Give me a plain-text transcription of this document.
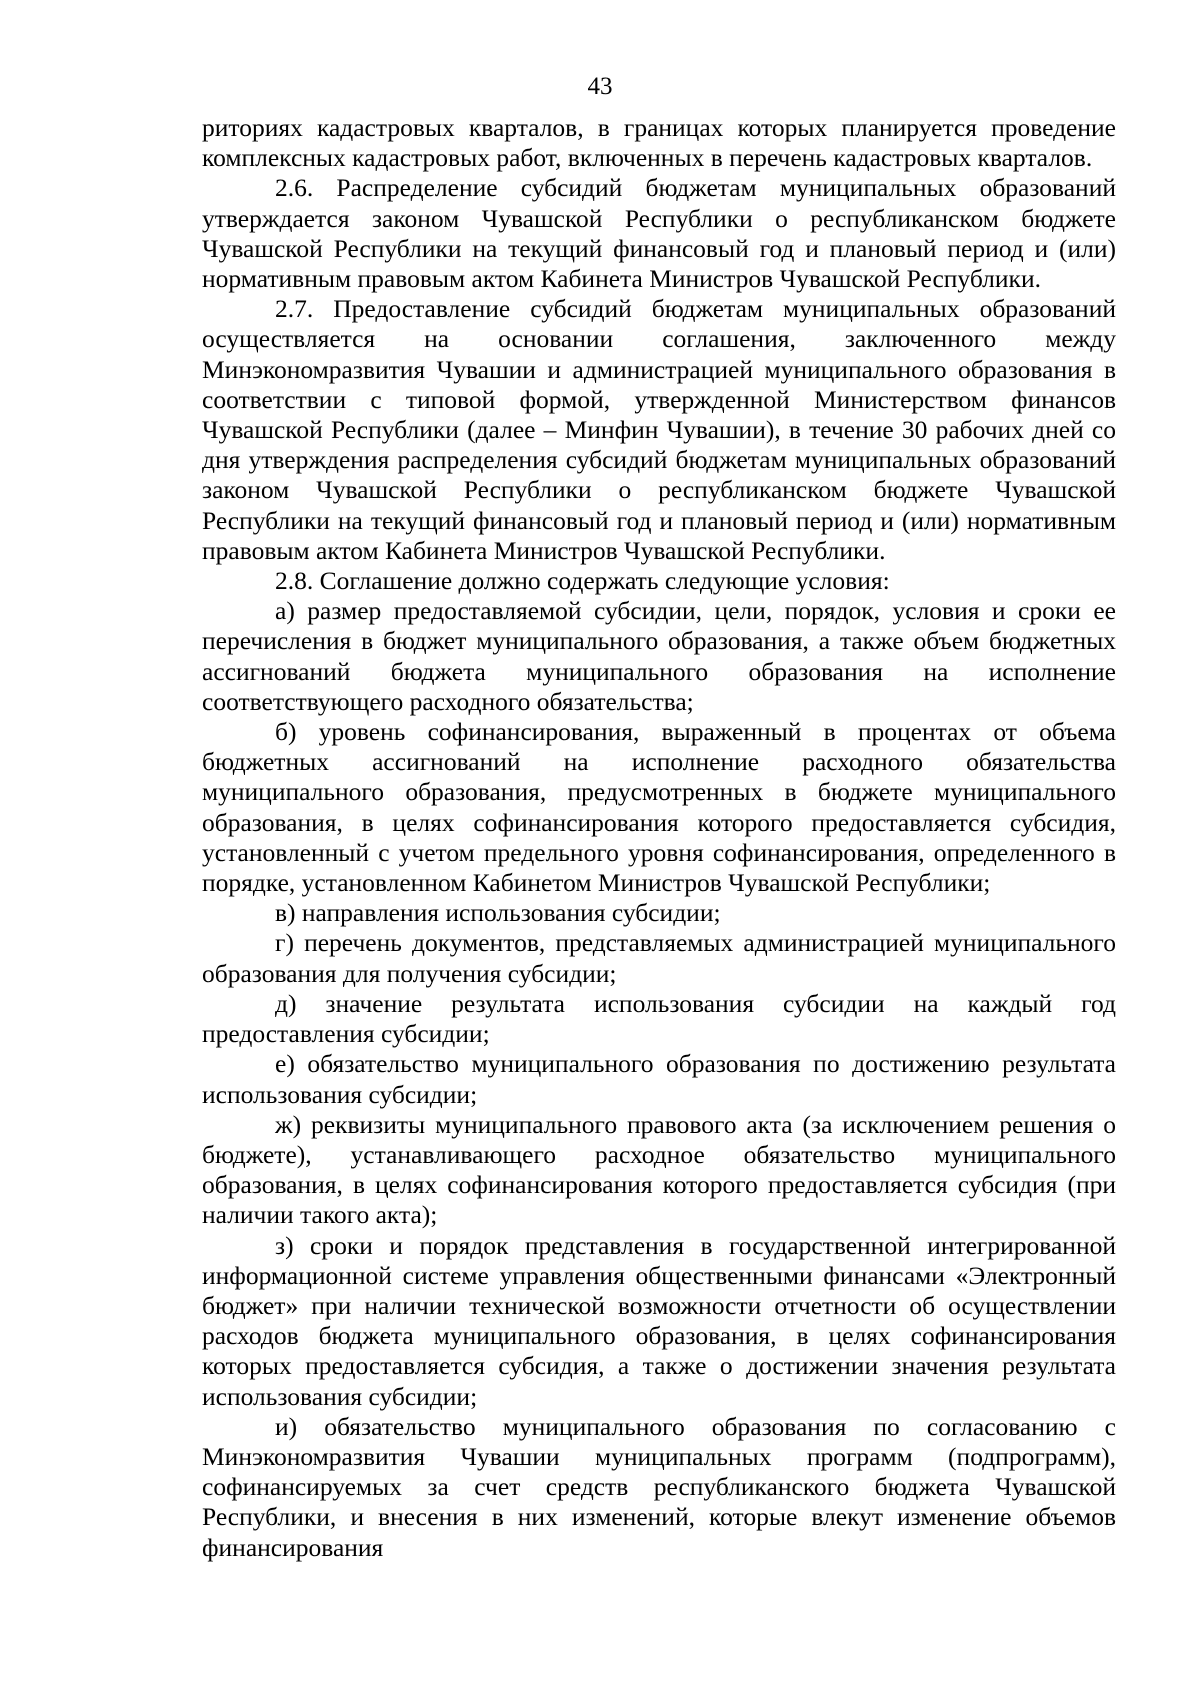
43

риториях кадастровых кварталов, в границах которых планируется проведение комплексных кадастровых работ, включенных в перечень кадастровых кварталов.

2.6. Распределение субсидий бюджетам муниципальных образований утверждается законом Чувашской Республики о республиканском бюджете Чувашской Республики на текущий финансовый год и плановый период и (или) нормативным правовым актом Кабинета Министров Чувашской Республики.

2.7. Предоставление субсидий бюджетам муниципальных образований осуществляется на основании соглашения, заключенного между Минэкономразвития Чувашии и администрацией муниципального образования в соответствии с типовой формой, утвержденной Министерством финансов Чувашской Республики (далее – Минфин Чувашии), в течение 30 рабочих дней со дня утверждения распределения субсидий бюджетам муниципальных образований законом Чувашской Республики о республиканском бюджете Чувашской Республики на текущий финансовый год и плановый период и (или) нормативным правовым актом Кабинета Министров Чувашской Республики.

2.8. Соглашение должно содержать следующие условия:

а) размер предоставляемой субсидии, цели, порядок, условия и сроки ее перечисления в бюджет муниципального образования, а также объем бюджетных ассигнований бюджета муниципального образования на исполнение соответствующего расходного обязательства;

б) уровень софинансирования, выраженный в процентах от объема бюджетных ассигнований на исполнение расходного обязательства муниципального образования, предусмотренных в бюджете муниципального образования, в целях софинансирования которого предоставляется субсидия, установленный с учетом предельного уровня софинансирования, определенного в порядке, установленном Кабинетом Министров Чувашской Республики;

в) направления использования субсидии;

г) перечень документов, представляемых администрацией муниципального образования для получения субсидии;

д) значение результата использования субсидии на каждый год предоставления субсидии;

е) обязательство муниципального образования по достижению результата использования субсидии;

ж) реквизиты муниципального правового акта (за исключением решения о бюджете), устанавливающего расходное обязательство муниципального образования, в целях софинансирования которого предоставляется субсидия (при наличии такого акта);

з) сроки и порядок представления в государственной интегрированной информационной системе управления общественными финансами «Электронный бюджет» при наличии технической возможности отчетности об осуществлении расходов бюджета муниципального образования, в целях софинансирования которых предоставляется субсидия, а также о достижении значения результата использования субсидии;

и) обязательство муниципального образования по согласованию с Минэкономразвития Чувашии муниципальных программ (подпрограмм), софинансируемых за счет средств республиканского бюджета Чувашской Республики, и внесения в них изменений, которые влекут изменение объемов финансирования
